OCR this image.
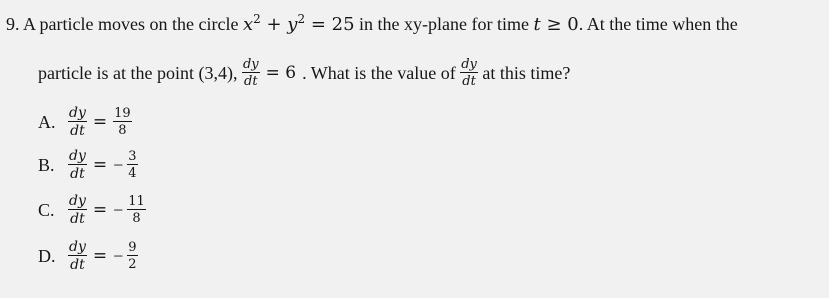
9. A particle moves on the circle $x^2 + y^2 = 25$ in the xy-plane for time t ≥ 0. At the time when the
particle is at the point
(3,4),
$\frac{dy}{dt} = 6$ . What is the value of
$\frac{dy}{dt}$
at this time?
A. $\frac{dy}{dt} = \frac{19}{8}$
B. $\frac{dy}{dt}$ = − $\frac{3}{4}$
C. $\frac{dy}{dt}$ = − $\frac{11}{8}$
D. $\frac{dy}{dt}$ = − $\frac{9}{2}$
